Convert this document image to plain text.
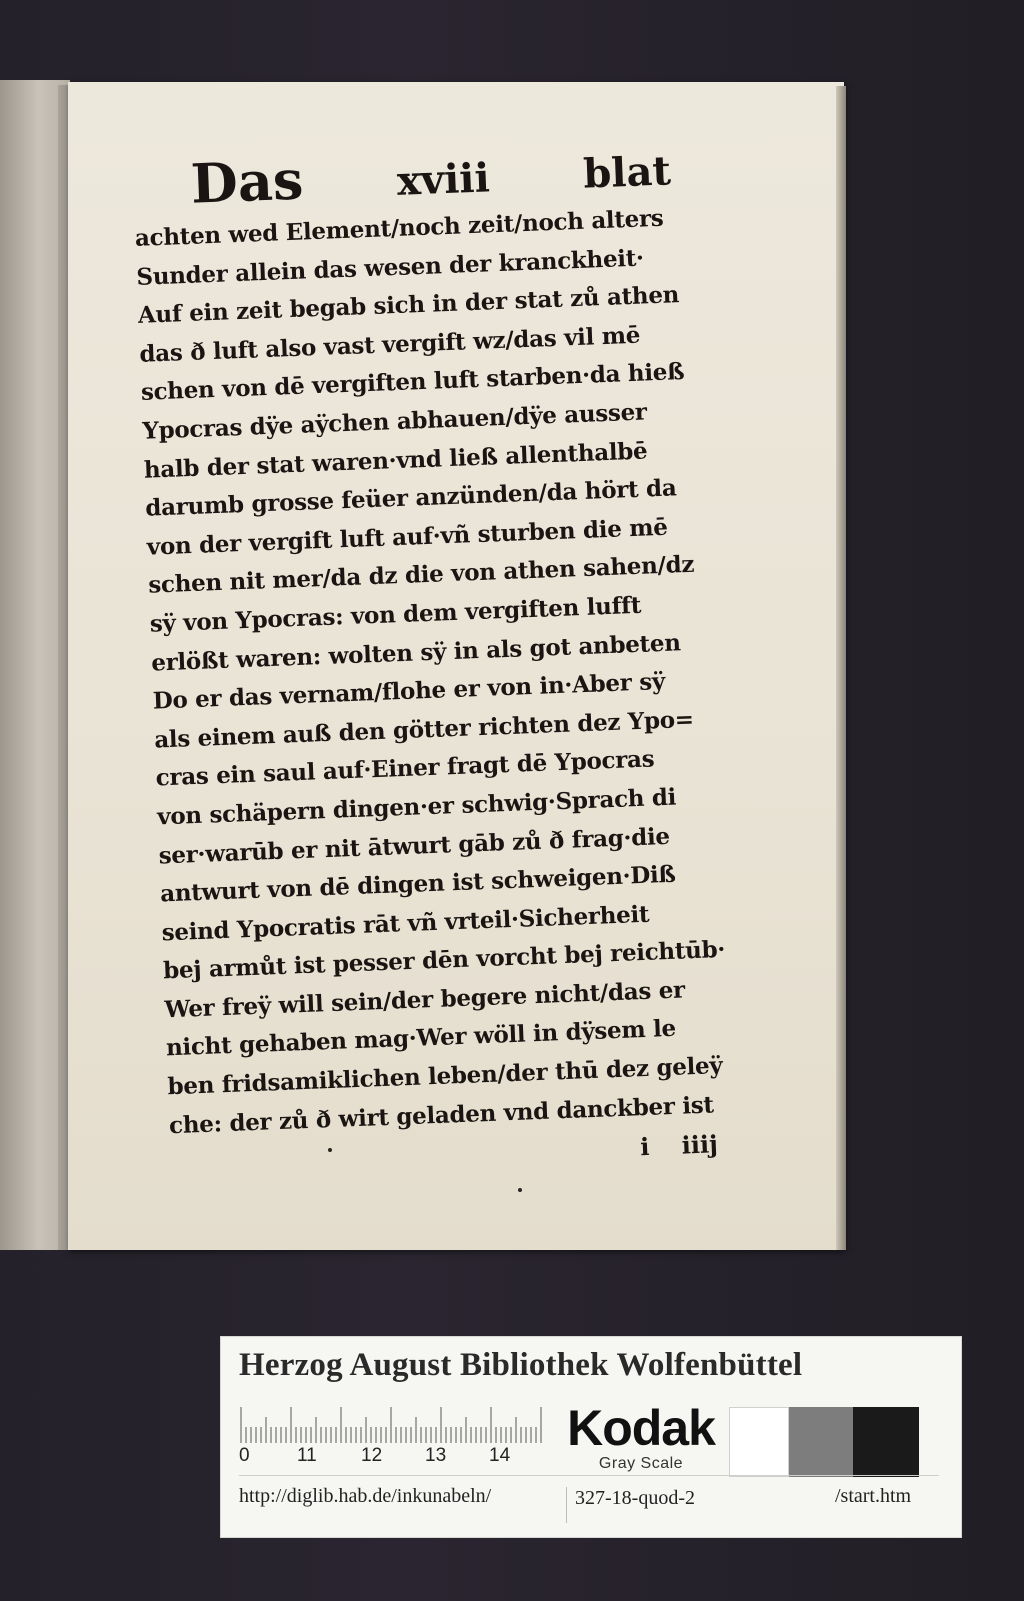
Das xviii blat
achten wed Element/noch zeit/noch alters
Sunder allein das wesen der kranckheit·
Auf ein zeit begab sich in der stat zů athen
das ð luft also vast vergift wz/das vil mē
schen von dē vergiften luft starben·da hieß
Ypocras dÿe aÿchen abhauen/dÿe ausser
halb der stat waren·vnd ließ allenthalbē
darumb grosse feüer anzünden/da hört da
von der vergift luft auf·vñ sturben die mē
schen nit mer/da dz die von athen sahen/dz
sÿ von Ypocras: von dem vergiften lufft
erlößt waren: wolten sÿ in als got anbeten
Do er das vernam/flohe er von in·Aber sÿ
als einem auß den götter richten dez Ypo=
cras ein saul auf·Einer fragt dē Ypocras
von schäpern dingen·er schwig·Sprach di
ser·warūb er nit ātwurt gāb zů ð frag·die
antwurt von dē dingen ist schweigen·Diß
seind Ypocratis rāt vñ vrteil·Sicherheit
bej armůt ist pesser dēn vorcht bej reichtūb·
Wer freÿ will sein/der begere nicht/das er
nicht gehaben mag·Wer wöll in dÿsem le
ben fridsamiklichen leben/der thū dez geleÿ
che: der zů ð wirt geladen vnd danckber ist
i iiij
Herzog August Bibliothek Wolfenbüttel
0 11 12 13 14 Kodak
Gray Scale
http://diglib.hab.de/inkunabeln/	327-18-quod-2	/start.htm
